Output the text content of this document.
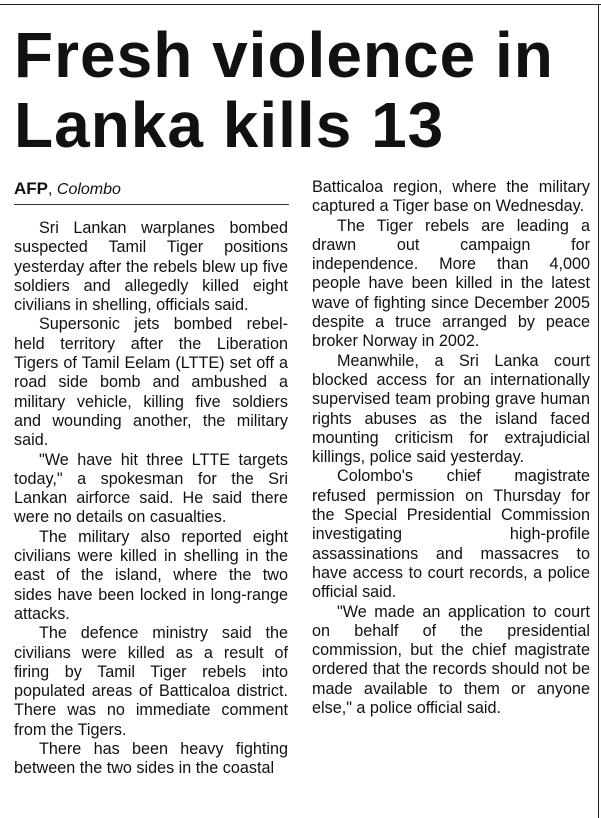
Fresh violence in Lanka kills 13
AFP, Colombo

Sri Lankan warplanes bombed suspected Tamil Tiger positions yesterday after the rebels blew up five soldiers and allegedly killed eight civilians in shelling, officials said.

Supersonic jets bombed rebel-held territory after the Liberation Tigers of Tamil Eelam (LTTE) set off a road side bomb and ambushed a military vehicle, killing five soldiers and wounding another, the military said.

"We have hit three LTTE targets today," a spokesman for the Sri Lankan airforce said. He said there were no details on casualties.

The military also reported eight civilians were killed in shelling in the east of the island, where the two sides have been locked in long-range attacks.

The defence ministry said the civilians were killed as a result of firing by Tamil Tiger rebels into populated areas of Batticaloa district. There was no immediate comment from the Tigers.

There has been heavy fighting between the two sides in the coastal

Batticaloa region, where the military captured a Tiger base on Wednesday.

The Tiger rebels are leading a drawn out campaign for independence. More than 4,000 people have been killed in the latest wave of fighting since December 2005 despite a truce arranged by peace broker Norway in 2002.

Meanwhile, a Sri Lanka court blocked access for an internationally supervised team probing grave human rights abuses as the island faced mounting criticism for extrajudicial killings, police said yesterday.

Colombo's chief magistrate refused permission on Thursday for the Special Presidential Commission investigating high-profile assassinations and massacres to have access to court records, a police official said.

"We made an application to court on behalf of the presidential commission, but the chief magistrate ordered that the records should not be made available to them or anyone else," a police official said.
